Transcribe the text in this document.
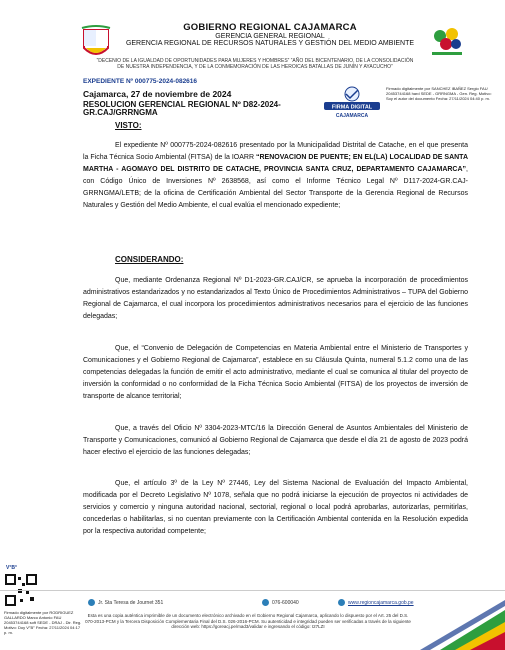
GOBIERNO REGIONAL CAJAMARCA
GERENCIA GENERAL REGIONAL
GERENCIA REGIONAL DE RECURSOS NATURALES Y GESTIÓN DEL MEDIO AMBIENTE
“DECENIO DE LA IGUALDAD DE OPORTUNIDADES PARA MUJERES Y HOMBRES” “AÑO DEL BICENTENARIO, DE LA CONSOLIDACIÓN DE NUESTRA INDEPENDENCIA, Y DE LA CONMEMORACIÓN DE LAS HEROICAS BATALLAS DE JUNÍN Y AYACUCHO”
EXPEDIENTE Nº 000775-2024-082616
Cajamarca, 27 de noviembre de 2024
RESOLUCION GERENCIAL REGIONAL Nº D82-2024-GR.CAJ/GRRNGMA
FIRMA DIGITAL
CAJAMARCA
Firmado digitalmente por SANCHEZ IBAÑEZ Sergio FAU 20453744168 hard SEDE - GRRNGMA - Gen. Reg. Motivo: Soy el autor del documento Fecha: 27/11/2024 04:40 p. m.
VISTO:
El expediente Nº 000775-2024-082616 presentado por la Municipalidad Distrital de Catache, en el que presenta la Ficha Técnica Socio Ambiental (FITSA) de la IOARR “RENOVACION DE PUENTE; EN EL(LA) LOCALIDAD DE SANTA MARTHA - AGOMAYO DEL DISTRITO DE CATACHE, PROVINCIA SANTA CRUZ, DEPARTAMENTO CAJAMARCA”, con Código Único de Inversiones Nº 2638568, así como el Informe Técnico Legal Nº D117-2024-GR.CAJ-GRRNGMA/LETB; de la oficina de Certificación Ambiental del Sector Transporte de la Gerencia Regional de Recursos Naturales y Gestión del Medio Ambiente, el cual evalúa el mencionado expediente;
CONSIDERANDO:
Que, mediante Ordenanza Regional Nº D1-2023-GR.CAJ/CR, se aprueba la incorporación de procedimientos administrativos estandarizados y no estandarizados al Texto Único de Procedimientos Administrativos – TUPA del Gobierno Regional de Cajamarca, el cual incorpora los procedimientos administrativos necesarios para el ejercicio de las funciones delegadas;
Que, el “Convenio de Delegación de Competencias en Materia Ambiental entre el Ministerio de Transportes y Comunicaciones y el Gobierno Regional de Cajamarca”, establece en su Cláusula Quinta, numeral 5.1.2 como una de las competencias delegadas la función de emitir el acto administrativo, mediante el cual se comunica al titular del proyecto de inversión la conformidad o no conformidad de la Ficha Técnica Socio Ambiental (FITSA) de los proyectos de inversión de transporte de alcance territorial;
Que, a través del Oficio Nº 3304-2023-MTC/16 la Dirección General de Asuntos Ambientales del Ministerio de Transporte y Comunicaciones, comunicó al Gobierno Regional de Cajamarca que desde el día 21 de agosto de 2023 podrá hacer efectivo el ejercicio de las funciones delegadas;
Que, el artículo 3º de la Ley Nº 27446, Ley del Sistema Nacional de Evaluación del Impacto Ambiental, modificada por el Decreto Legislativo Nº 1078, señala que no podrá iniciarse la ejecución de proyectos ni actividades de servicios y comercio y ninguna autoridad nacional, sectorial, regional o local podrá aprobarlas, autorizarlas, permitirlas, concederlas o habilitarlas, si no cuentan previamente con la Certificación Ambiental contenida en la Resolución expedida por la respectiva autoridad competente;
V°B°
Firmado digitalmente por RODRIGUEZ GALLARDO Marco Antonio FAU 20453744168 soft SEDE - DRAJ - Dir. Reg. Motivo: Doy V°B° Fecha: 27/11/2024 04:17 p. m.
Jr. Sta Teresa de Journet 351	076-600040	www.regioncajamarca.gob.pe
Esta es una copia auténtica imprimible de un documento electrónico archivado en el Gobierno Regional Cajamarca, aplicando lo dispuesto por el Art. 25 del D.S. 070-2013-PCM y la Tercera Disposición Complementaria Final del D.S. 026-2016-PCM. Su autenticidad e integridad pueden ser verificadas a través de la siguiente dirección web: https://goreacj.pe/mad3/validar e ingresando el código: I27LZI	Pág. 1 / 5
